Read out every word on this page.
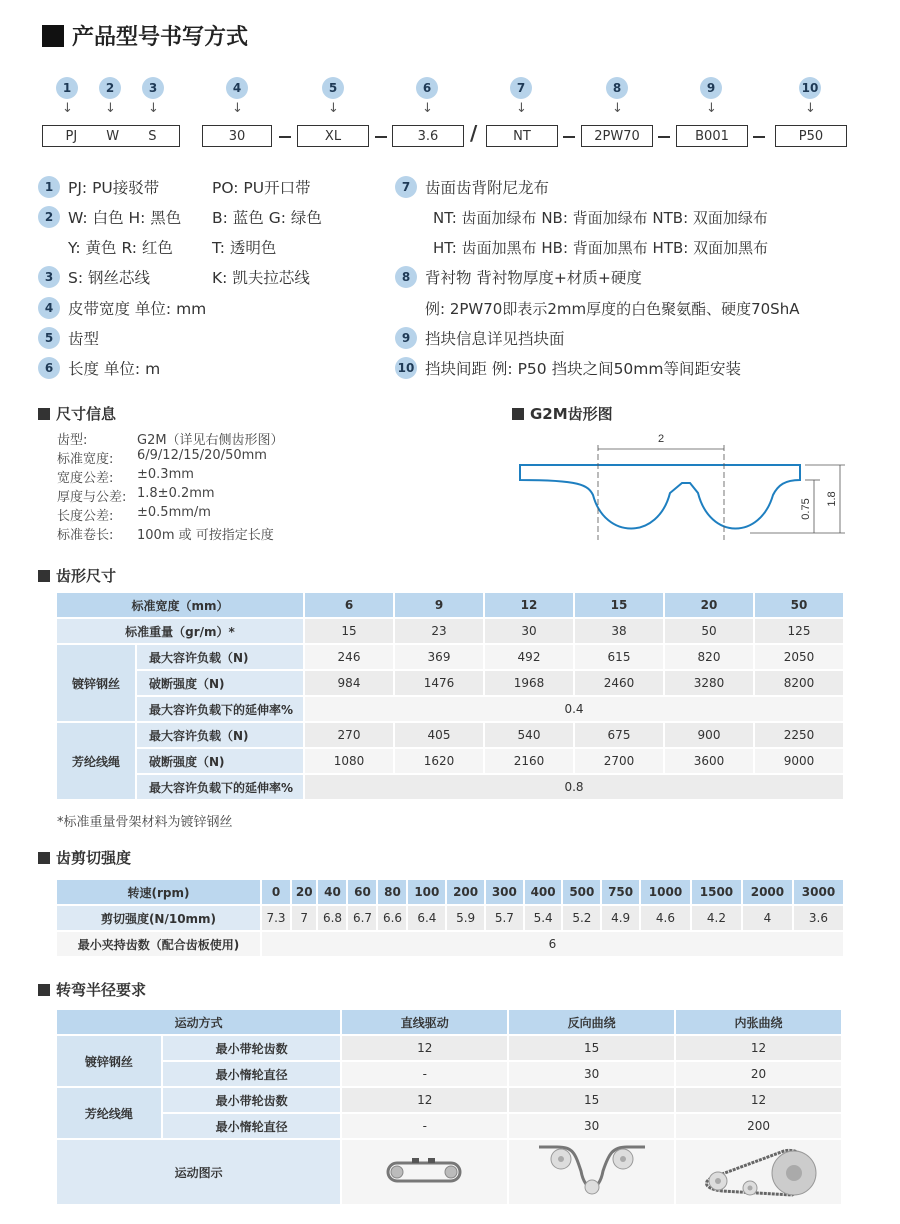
产品型号书写方式
1	2	3	4	5	6	7	8	9	10
↓ ↓ ↓	↓	↓	↓	↓	↓	↓	↓
PJ W S	30	XL	3.6 /	NT	2PW70	B001	P50
1 PJ: PU接驳带	PO: PU开口带
2 W: 白色 H: 黑色	B: 蓝色 G: 绿色
Y: 黄色 R: 红色	T: 透明色
3 S: 钢丝芯线	K: 凯夫拉芯线
4 皮带宽度 单位: mm
5 齿型
6 长度 单位: m
7 齿面齿背附尼龙布
NT: 齿面加绿布 NB: 背面加绿布 NTB: 双面加绿布
HT: 齿面加黑布 HB: 背面加黑布 HTB: 双面加黑布
8 背衬物 背衬物厚度+材质+硬度
例: 2PW70即表示2mm厚度的白色聚氨酯、硬度70ShA
9 挡块信息详见挡块面
10 挡块间距 例: P50 挡块之间50mm等间距安装
尺寸信息
齿型:	G2M（详见右侧齿形图）
标准宽度:	6/9/12/15/20/50mm
宽度公差:	±0.3mm
厚度与公差: 1.8±0.2mm
长度公差:	±0.5mm/m
标准卷长:	100m 或 可按指定长度
G2M齿形图
2
0.75 1.8
齿形尺寸
标准宽度（mm）		6	9	12	15	20	50
标准重量（gr/m）*		15	23	30	38	50	125
镀锌钢丝	最大容许负载（N)	246	369	492	615	820	2050
	破断强度（N)	984	1476	1968	2460	3280	8200
	最大容许负载下的延伸率%	0.4					
芳纶线绳	最大容许负载（N)	270	405	540	675	900	2250
	破断强度（N)	1080	1620	2160	2700	3600	9000
	最大容许负载下的延伸率%	0.8					
*标准重量骨架材料为镀锌钢丝
齿剪切强度
转速(rpm)	0	20	40	60	80	100	200	300	400	500	750	1000	1500	2000	3000
剪切强度(N/10mm)	7.3	7	6.8	6.7	6.6	6.4	5.9	5.7	5.4	5.2	4.9	4.6	4.2	4	3.6
最小夹持齿数（配合齿板使用)	6														
转弯半径要求
运动方式		直线驱动	反向曲绕	内张曲绕
镀锌钢丝	最小带轮齿数	12	15	12
	最小惰轮直径	-	30	20
芳纶线绳	最小带轮齿数	12	15	12
	最小惰轮直径	-	30	200
运动图示			
